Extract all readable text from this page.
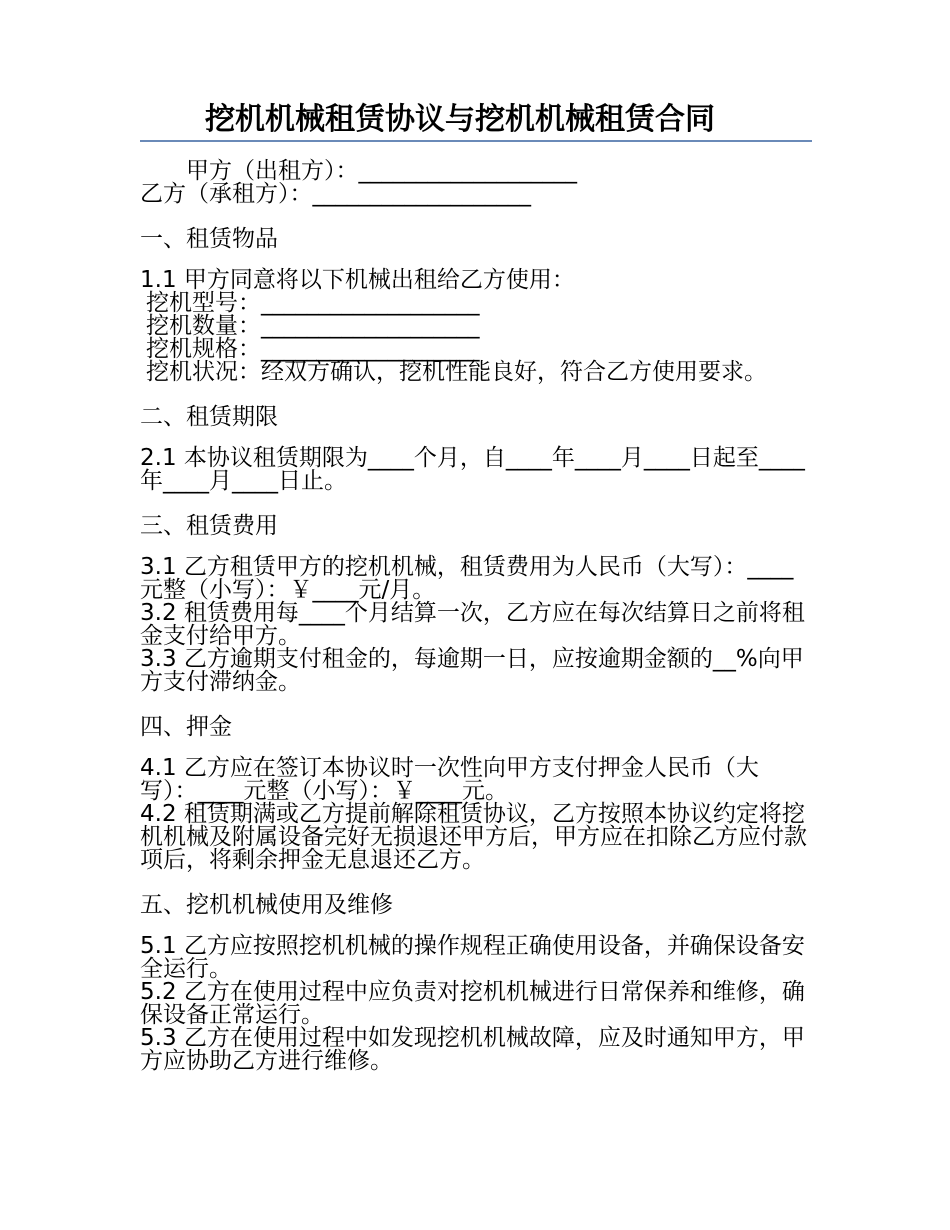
挖机机械租赁协议与挖机机械租赁合同
甲方（出租方）：___________________
乙方（承租方）：___________________
一、租赁物品
1.1 甲方同意将以下机械出租给乙方使用：
挖机型号：___________________
挖机数量：___________________
挖机规格：___________________
挖机状况：经双方确认，挖机性能良好，符合乙方使用要求。
二、租赁期限
2.1 本协议租赁期限为____个月，自____年____月____日起至____年____月____日止。
三、租赁费用
3.1 乙方租赁甲方的挖机机械，租赁费用为人民币（大写）：____元整（小写）：￥____元/月。
3.2 租赁费用每____个月结算一次，乙方应在每次结算日之前将租金支付给甲方。
3.3 乙方逾期支付租金的，每逾期一日，应按逾期金额的__%向甲方支付滞纳金。
四、押金
4.1 乙方应在签订本协议时一次性向甲方支付押金人民币（大写）：____元整（小写）：￥____元。
4.2 租赁期满或乙方提前解除租赁协议，乙方按照本协议约定将挖机机械及附属设备完好无损退还甲方后，甲方应在扣除乙方应付款项后，将剩余押金无息退还乙方。
五、挖机机械使用及维修
5.1 乙方应按照挖机机械的操作规程正确使用设备，并确保设备安全运行。
5.2 乙方在使用过程中应负责对挖机机械进行日常保养和维修，确保设备正常运行。
5.3 乙方在使用过程中如发现挖机机械故障，应及时通知甲方，甲方应协助乙方进行维修。
